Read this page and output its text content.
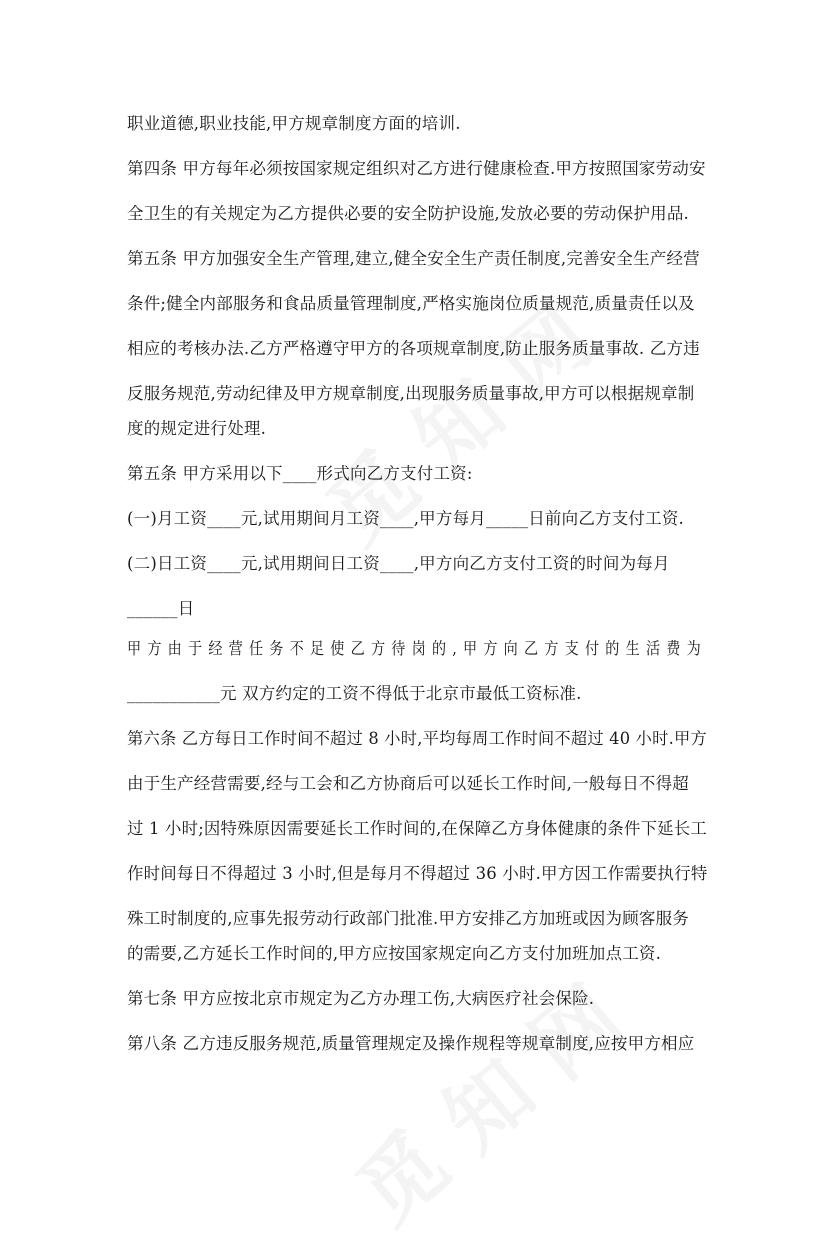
职业道德,职业技能,甲方规章制度方面的培训.
第四条 甲方每年必须按国家规定组织对乙方进行健康检查.甲方按照国家劳动安
全卫生的有关规定为乙方提供必要的安全防护设施,发放必要的劳动保护用品.
第五条 甲方加强安全生产管理,建立,健全安全生产责任制度,完善安全生产经营
条件;健全内部服务和食品质量管理制度,严格实施岗位质量规范,质量责任以及
相应的考核办法.乙方严格遵守甲方的各项规章制度,防止服务质量事故. 乙方违
反服务规范,劳动纪律及甲方规章制度,出现服务质量事故,甲方可以根据规章制
度的规定进行处理.
第五条 甲方采用以下____形式向乙方支付工资:
(一)月工资____元,试用期间月工资____,甲方每月_____日前向乙方支付工资.
(二)日工资____元,试用期间日工资____,甲方向乙方支付工资的时间为每月
______日
甲方由于经营任务不足使乙方待岗的,甲方向乙方支付的生活费为
___________元 双方约定的工资不得低于北京市最低工资标准.
第六条 乙方每日工作时间不超过 8 小时,平均每周工作时间不超过 40 小时.甲方
由于生产经营需要,经与工会和乙方协商后可以延长工作时间,一般每日不得超
过 1 小时;因特殊原因需要延长工作时间的,在保障乙方身体健康的条件下延长工
作时间每日不得超过 3 小时,但是每月不得超过 36 小时.甲方因工作需要执行特
殊工时制度的,应事先报劳动行政部门批准.甲方安排乙方加班或因为顾客服务
的需要,乙方延长工作时间的,甲方应按国家规定向乙方支付加班加点工资.
第七条 甲方应按北京市规定为乙方办理工伤,大病医疗社会保险.
第八条 乙方违反服务规范,质量管理规定及操作规程等规章制度,应按甲方相应
